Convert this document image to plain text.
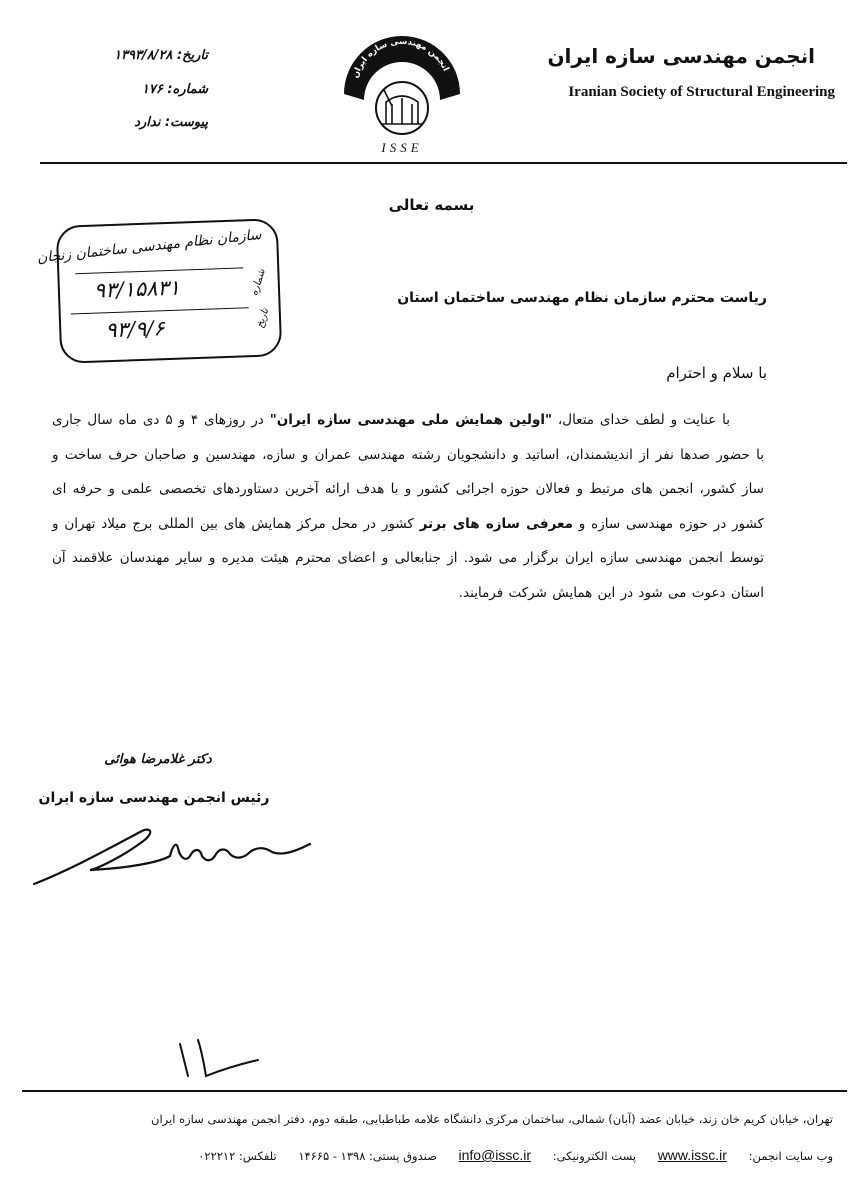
انجمن مهندسی سازه ایران
Iranian Society of Structural Engineering
انجمن مهندسی سازه ایران
ISSE
تاریخ: ۱۳۹۳/۸/۲۸
شماره: ۱۷۶
پیوست: ندارد
بسمه تعالی
سازمان نظام مهندسی ساختمان زنجان
شماره
۹۳/۱۵۸۳۱
تاریخ
۹۳/۹/۶
ریاست محترم سازمان نظام مهندسی ساختمان استان
با سلام و احترام

با عنایت و لطف خدای متعال، "اولین همایش ملی مهندسی سازه ایران" در روزهای ۴ و ۵ دی ماه سال جاری با حضور صدها نفر از اندیشمندان، اساتید و دانشجویان رشته مهندسی عمران و سازه، مهندسین و صاحبان حرف ساخت و ساز کشور، انجمن های مرتبط و فعالان حوزه اجرائی کشور و با هدف ارائه آخرین دستاوردهای تخصصی علمی و حرفه ای کشور در حوزه مهندسی سازه و معرفی سازه های برتر کشور در محل مرکز همایش های بین المللی برج میلاد تهران و توسط انجمن مهندسی سازه ایران برگزار می شود. از جنابعالی و اعضای محترم هیئت مدیره و سایر مهندسان علاقمند آن استان دعوت می شود در این همایش شرکت فرمایند.

دکتر غلامرضا هوائی
رئیس انجمن مهندسی سازه ایران
تهران، خیابان کریم خان زند، خیابان عضد (آبان) شمالی، ساختمان مرکزی دانشگاه علامه طباطبایی، طبقه دوم، دفتر انجمن مهندسی سازه ایران
وب سایت انجمن: www.issc.ir پست الکترونیکی: info@issc.ir صندوق پستی: ۱۳۹۸ - ۱۴۶۶۵ تلفکس: ۰۲۲۲۱۲
